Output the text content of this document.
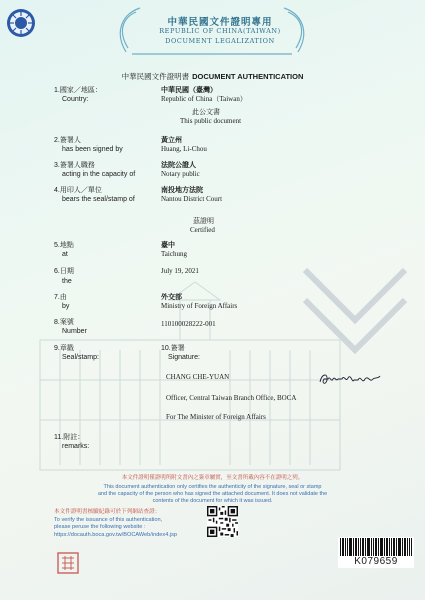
中華民國文件證明專用
REPUBLIC OF CHINA(TAIWAN)
DOCUMENT LEGALIZATION
中華民國文件證明書 DOCUMENT AUTHENTICATION
1.國家／地區：
Country:
中華民國（臺灣）
Republic of China（Taiwan）
此公文書
This public document
2.簽署人
has been signed by
黃立州
Huang, Li-Chou
3.簽署人職務
acting in the capacity of
法院公證人
Notary public
4.用印人／單位
bears the seal/stamp of
南投地方法院
Nantou District Court
茲證明
Certified
5.地點
at
臺中
Taichung
6.日期
the
July 19, 2021
7.由
by
外交部
Ministry of Foreign Affairs
8.案號
Number
110100028222-001
9.章戳
Seal/stamp:
10.簽署
Signature:
CHANG CHE-YUAN
Officer, Central Taiwan Branch Office, BOCA
For The Minister of Foreign Affairs
11.附註：
remarks:
本文件證明僅證明所附文書內之簽章屬實，至文書所載內容不在證明之列。
This document authentication only certifies the authenticity of the signature, seal or stamp
and the capacity of the person who has signed the attached document. It does not validate the
contents of the document for which it was issued.
本文件證明書核驗紀錄可於下列網站查證：
To verify the issuance of this authentication,
please peruse the following website :
https://docauth.boca.gov.tw/BOCAWeb/index4.jsp
K079659
